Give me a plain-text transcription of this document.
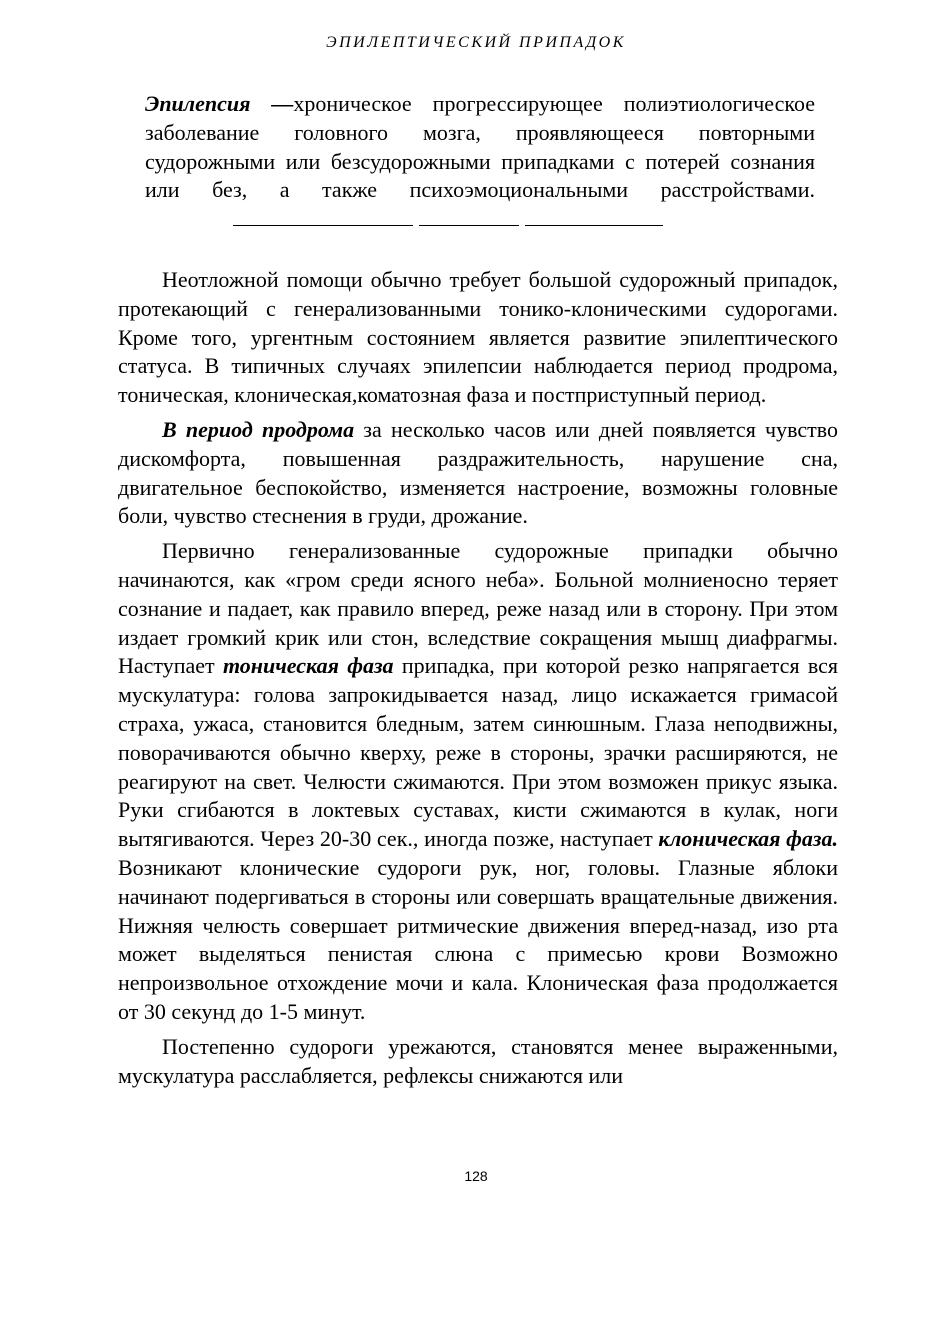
ЭПИЛЕПТИЧЕСКИЙ ПРИПАДОК
Эпилепсия —хроническое прогрессирующее полиэтиологическое заболевание головного мозга, проявляющееся повторными судорожными или безсудорожными припадками с потерей сознания или без, а также психоэмоциональными расстройствами.

Неотложной помощи обычно требует большой судорожный припадок, протекающий с генерализованными тонико-клоническими судорогами. Кроме того, ургентным состоянием является развитие эпилептического статуса. В типичных случаях эпилепсии наблюдается период продрома, тоническая, клоническая,коматозная фаза и постприступный период.

В период продрома за несколько часов или дней появляется чувство дискомфорта, повышенная раздражительность, нарушение сна, двигательное беспокойство, изменяется настроение, возможны головные боли, чувство стеснения в груди, дрожание.

Первично генерализованные судорожные припадки обычно начинаются, как «гром среди ясного неба». Больной молниеносно теряет сознание и падает, как правило вперед, реже назад или в сторону. При этом издает громкий крик или стон, вследствие сокращения мышц диафрагмы. Наступает тоническая фаза припадка, при которой резко напрягается вся мускулатура: голова запрокидывается назад, лицо искажается гримасой страха, ужаса, становится бледным, затем синюшным. Глаза неподвижны, поворачиваются обычно кверху, реже в стороны, зрачки расширяются, не реагируют на свет. Челюсти сжимаются. При этом возможен прикус языка. Руки сгибаются в локтевых суставах, кисти сжимаются в кулак, ноги вытягиваются. Через 20-30 сек., иногда позже, наступает клоническая фаза. Возникают клонические судороги рук, ног, головы. Глазные яблоки начинают подергиваться в стороны или совершать вращательные движения. Нижняя челюсть совершает ритмические движения вперед-назад, изо рта может выделяться пенистая слюна с примесью крови Возможно непроизвольное отхождение мочи и кала. Клоническая фаза продолжается от 30 секунд до 1-5 минут.

Постепенно судороги урежаются, становятся менее выраженными, мускулатура расслабляется, рефлексы снижаются или

128
